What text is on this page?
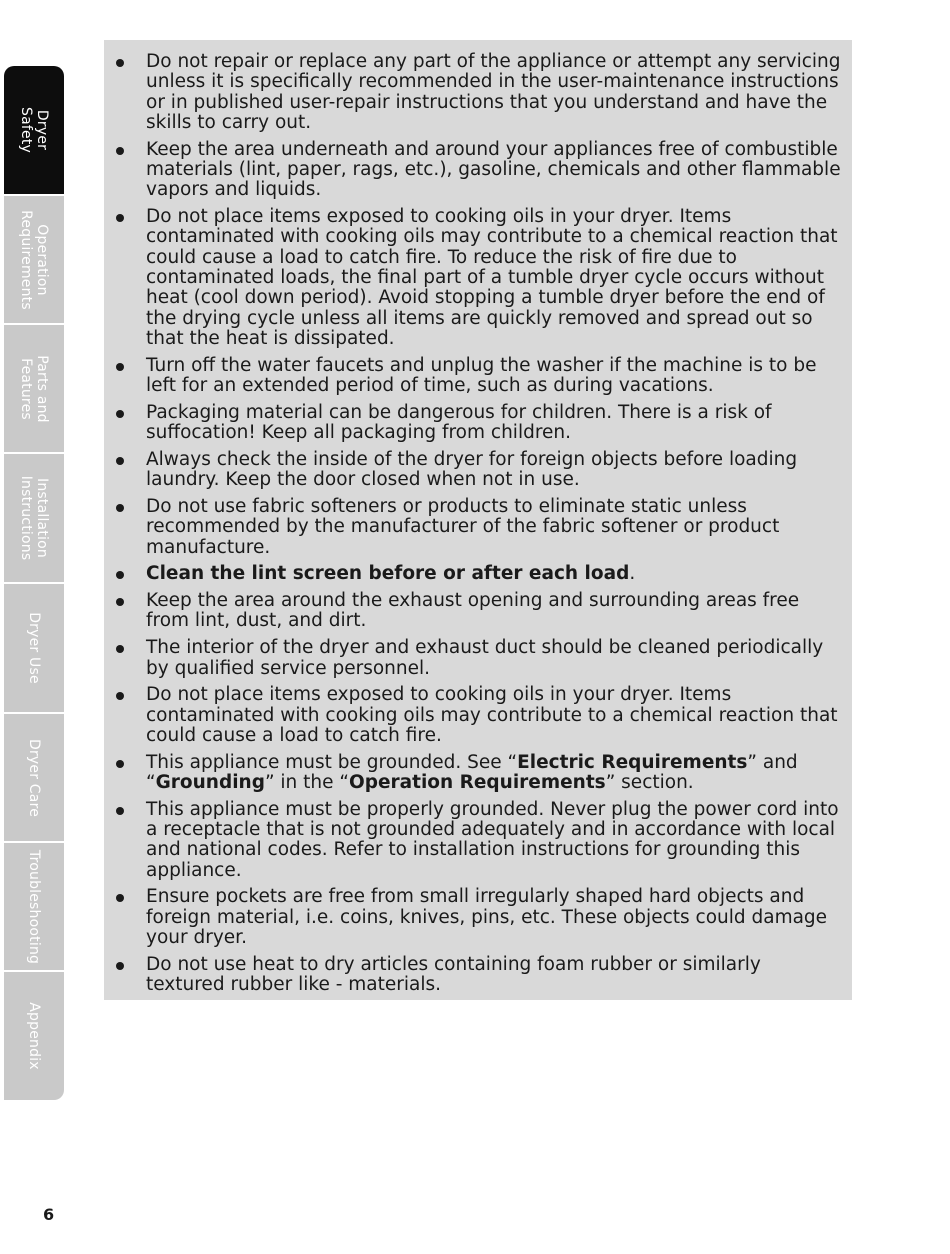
Dryer
Safety
Operation
Requirements
Parts and
Features
Installation
Instructions
Dryer Use
Dryer Care
Troubleshooting
Appendix
Do not repair or replace any part of the appliance or attempt any servicing unless it is specifically recommended in the user-maintenance instructions or in published user-repair instructions that you understand and have the skills to carry out.
Keep the area underneath and around your appliances free of combustible materials (lint, paper, rags, etc.), gasoline, chemicals and other flammable vapors and liquids.
Do not place items exposed to cooking oils in your dryer. Items contaminated with cooking oils may contribute to a chemical reaction that could cause a load to catch fire. To reduce the risk of fire due to contaminated loads, the final part of a tumble dryer cycle occurs without heat (cool down period). Avoid stopping a tumble dryer before the end of the drying cycle unless all items are quickly removed and spread out so that the heat is dissipated.
Turn off the water faucets and unplug the washer if the machine is to be left for an extended period of time, such as during vacations.
Packaging material can be dangerous for children. There is a risk of suffocation! Keep all packaging from children.
Always check the inside of the dryer for foreign objects before loading laundry. Keep the door closed when not in use.
Do not use fabric softeners or products to eliminate static unless recommended by the manufacturer of the fabric softener or product manufacture.
Clean the lint screen before or after each load.
Keep the area around the exhaust opening and surrounding areas free from lint, dust, and dirt.
The interior of the dryer and exhaust duct should be cleaned periodically by qualified service personnel.
Do not place items exposed to cooking oils in your dryer. Items contaminated with cooking oils may contribute to a chemical reaction that could cause a load to catch fire.
This appliance must be grounded. See “Electric Requirements” and “Grounding” in the “Operation Requirements” section.
This appliance must be properly grounded. Never plug the power cord into a receptacle that is not grounded adequately and in accordance with local and national codes. Refer to installation instructions for grounding this appliance.
Ensure pockets are free from small irregularly shaped hard objects and foreign material, i.e. coins, knives, pins, etc. These objects could damage your dryer.
Do not use heat to dry articles containing foam rubber or similarly textured rubber like - materials.
6
